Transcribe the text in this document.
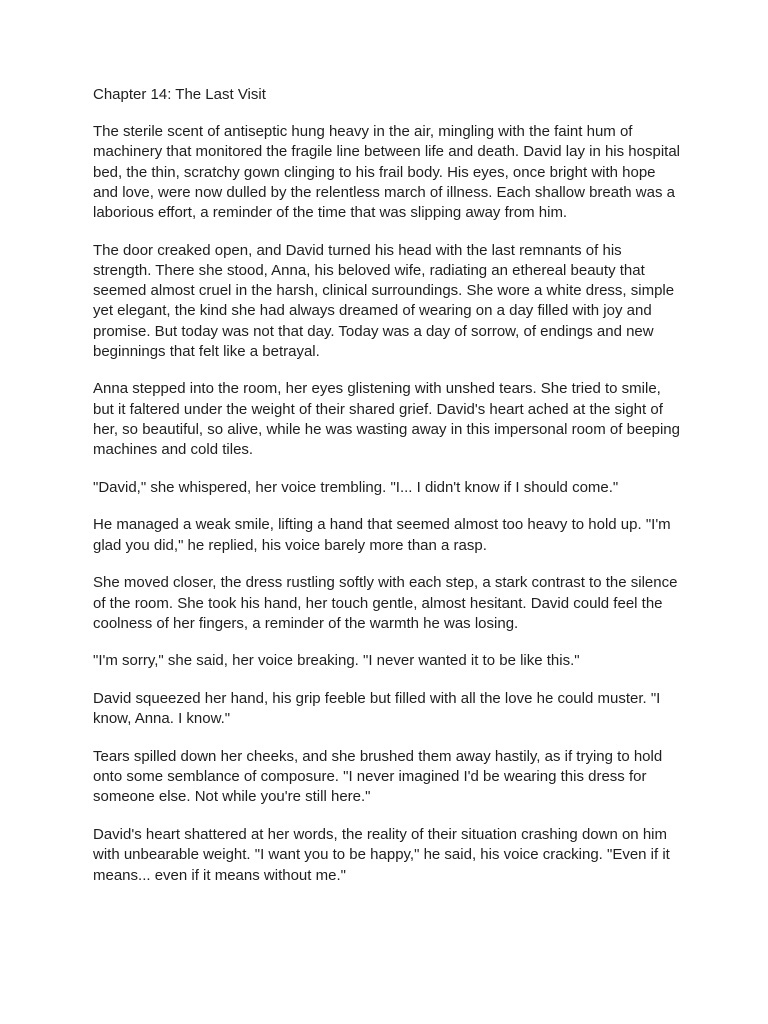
Chapter 14: The Last Visit

The sterile scent of antiseptic hung heavy in the air, mingling with the faint hum of machinery that monitored the fragile line between life and death. David lay in his hospital bed, the thin, scratchy gown clinging to his frail body. His eyes, once bright with hope and love, were now dulled by the relentless march of illness. Each shallow breath was a laborious effort, a reminder of the time that was slipping away from him.

The door creaked open, and David turned his head with the last remnants of his strength. There she stood, Anna, his beloved wife, radiating an ethereal beauty that seemed almost cruel in the harsh, clinical surroundings. She wore a white dress, simple yet elegant, the kind she had always dreamed of wearing on a day filled with joy and promise. But today was not that day. Today was a day of sorrow, of endings and new beginnings that felt like a betrayal.

Anna stepped into the room, her eyes glistening with unshed tears. She tried to smile, but it faltered under the weight of their shared grief. David's heart ached at the sight of her, so beautiful, so alive, while he was wasting away in this impersonal room of beeping machines and cold tiles.

"David," she whispered, her voice trembling. "I... I didn't know if I should come."

He managed a weak smile, lifting a hand that seemed almost too heavy to hold up. "I'm glad you did," he replied, his voice barely more than a rasp.

She moved closer, the dress rustling softly with each step, a stark contrast to the silence of the room. She took his hand, her touch gentle, almost hesitant. David could feel the coolness of her fingers, a reminder of the warmth he was losing.

"I'm sorry," she said, her voice breaking. "I never wanted it to be like this."

David squeezed her hand, his grip feeble but filled with all the love he could muster. "I know, Anna. I know."

Tears spilled down her cheeks, and she brushed them away hastily, as if trying to hold onto some semblance of composure. "I never imagined I'd be wearing this dress for someone else. Not while you're still here."

David's heart shattered at her words, the reality of their situation crashing down on him with unbearable weight. "I want you to be happy," he said, his voice cracking. "Even if it means... even if it means without me."
